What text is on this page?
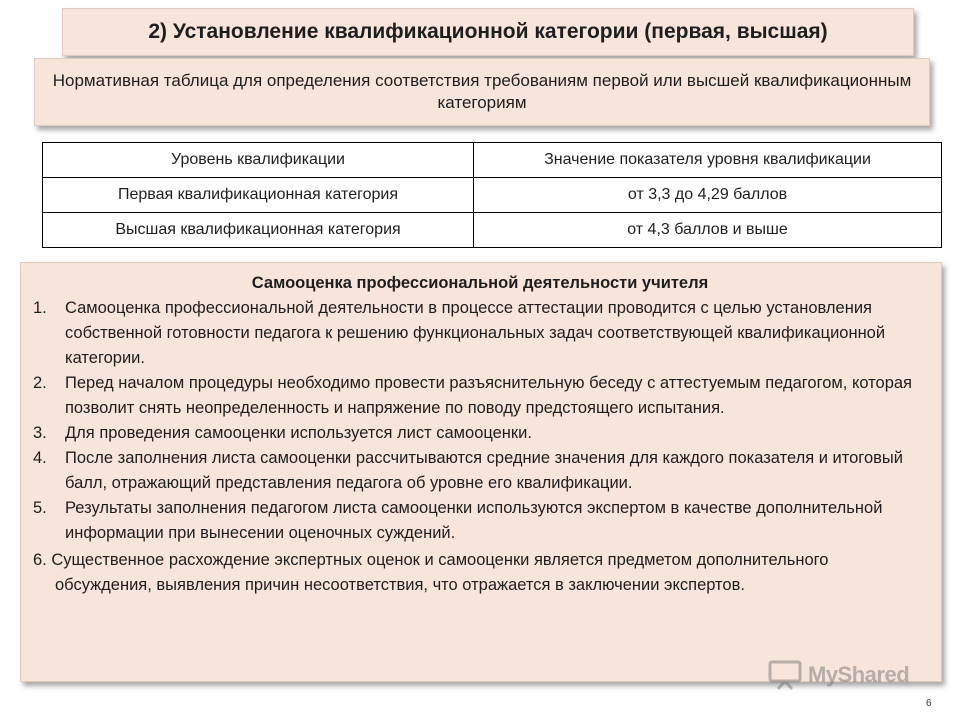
2) Установление квалификационной категории (первая, высшая)
Нормативная таблица для определения соответствия требованиям первой или высшей квалификационным категориям
Уровень квалификации	Значение показателя уровня квалификации
Первая квалификационная категория	от 3,3 до 4,29 баллов
Высшая квалификационная категория	от 4,3 баллов и выше
Самооценка профессиональной деятельности учителя
1. Самооценка профессиональной деятельности в процессе аттестации проводится с целью установления собственной готовности педагога к решению функциональных задач соответствующей квалификационной категории.
2. Перед началом процедуры необходимо провести разъяснительную беседу с аттестуемым педагогом, которая позволит снять неопределенность и напряжение по поводу предстоящего испытания.
3. Для проведения самооценки используется лист самооценки.
4. После заполнения листа самооценки рассчитываются средние значения для каждого показателя и итоговый балл, отражающий представления педагога об уровне его квалификации.
5. Результаты заполнения педагогом листа самооценки используются экспертом в качестве дополнительной информации при вынесении оценочных суждений.
6. Существенное расхождение экспертных оценок и самооценки является предметом дополнительного обсуждения, выявления причин несоответствия, что отражается в заключении экспертов.
MyShared
6
